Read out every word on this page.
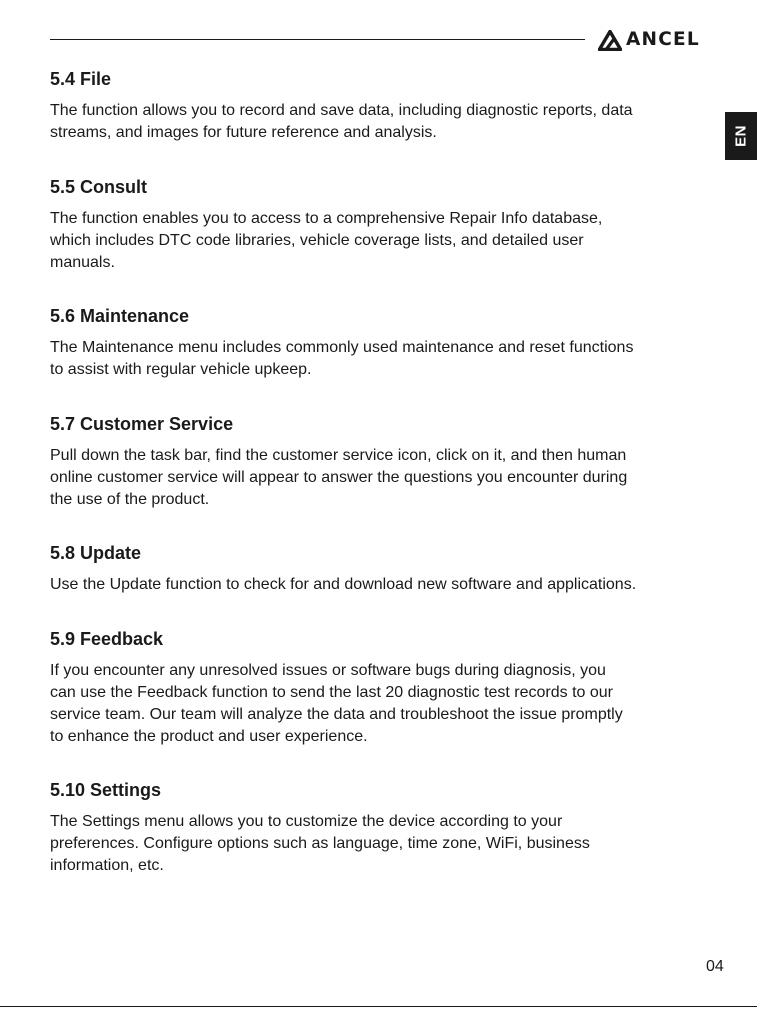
ANCEL
EN
5.4 File

The function allows you to record and save data, including diagnostic reports, data
streams, and images for future reference and analysis.

5.5 Consult

The function enables you to access to a comprehensive Repair Info database,
which includes DTC code libraries, vehicle coverage lists, and detailed user
manuals.

5.6 Maintenance

The Maintenance menu includes commonly used maintenance and reset functions
to assist with regular vehicle upkeep.

5.7 Customer Service

Pull down the task bar, find the customer service icon, click on it, and then human
online customer service will appear to answer the questions you encounter during
the use of the product.

5.8 Update

Use the Update function to check for and download new software and applications.

5.9 Feedback

If you encounter any unresolved issues or software bugs during diagnosis, you
can use the Feedback function to send the last 20 diagnostic test records to our
service team. Our team will analyze the data and troubleshoot the issue promptly
to enhance the product and user experience.

5.10 Settings

The Settings menu allows you to customize the device according to your
preferences. Configure options such as language, time zone, WiFi, business
information, etc.

04
